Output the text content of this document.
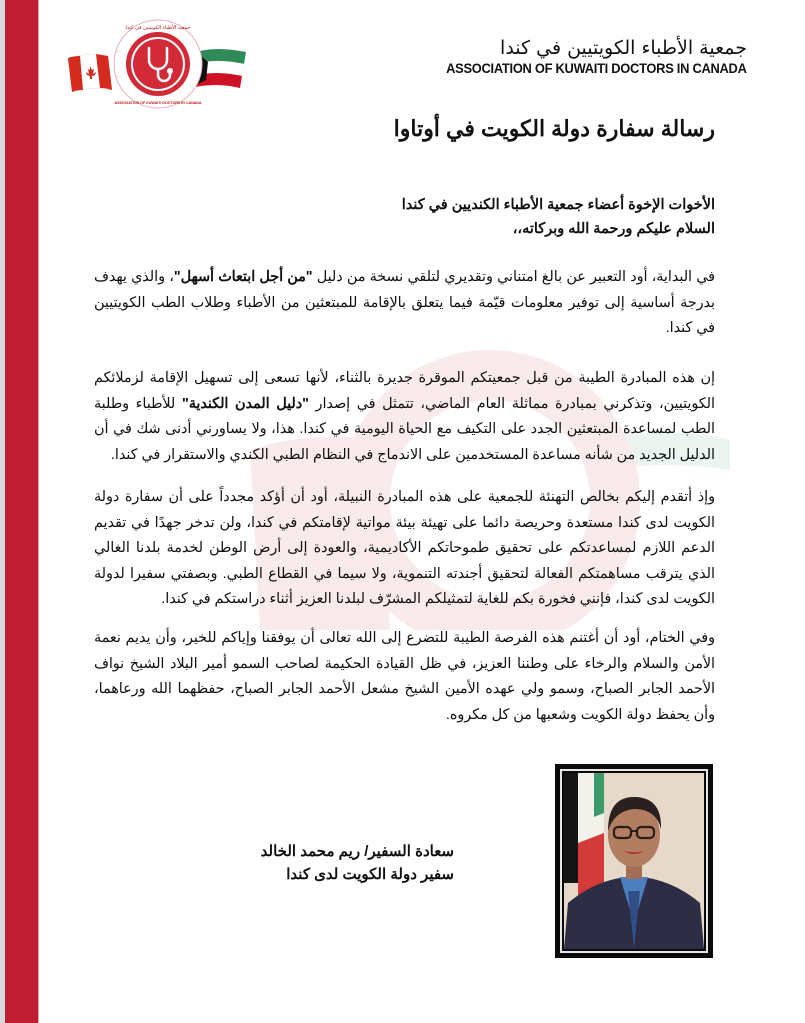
جمعية الأطباء الكويتيين في كندا
ASSOCIATION OF KUWAITI DOCTORS IN CANADA
جمعية الأطباء الكويتيين في كندا
ASSOCIATION OF KUWAITI DOCTORS IN CANADA
رسالة سفارة دولة الكويت في أوتاوا
الأخوات الإخوة أعضاء جمعية الأطباء الكنديين في كندا
السلام عليكم ورحمة الله وبركاته،،

في البداية، أود التعبير عن بالغ امتناني وتقديري لتلقي نسخة من دليل "من أجل ابتعاث أسهل"، والذي يهدف بدرجة أساسية إلى توفير معلومات قيّمة فيما يتعلق بالإقامة للمبتعثين من الأطباء وطلاب الطب الكويتيين في كندا.

إن هذه المبادرة الطيبة من قبل جمعيتكم الموقرة جديرة بالثناء، لأنها تسعى إلى تسهيل الإقامة لزملائكم الكويتيين، وتذكرني بمبادرة مماثلة العام الماضي، تتمثل في إصدار "دليل المدن الكندية" للأطباء وطلبة الطب لمساعدة المبتعثين الجدد على التكيف مع الحياة اليومية في كندا. هذا، ولا يساورني أدنى شك في أن الدليل الجديد من شأنه مساعدة المستخدمين على الاندماج في النظام الطبي الكندي والاستقرار في كندا.

وإذ أتقدم إليكم بخالص التهنئة للجمعية على هذه المبادرة النبيلة، أود أن أؤكد مجدداً على أن سفارة دولة الكويت لدى كندا مستعدة وحريصة دائما على تهيئة بيئة مواتية لإقامتكم في كندا، ولن تدخر جهدًا في تقديم الدعم اللازم لمساعدتكم على تحقيق طموحاتكم الأكاديمية، والعودة إلى أرض الوطن لخدمة بلدنا الغالي الذي يترقب مساهمتكم الفعالة لتحقيق أجندته التنموية، ولا سيما في القطاع الطبي. وبصفتي سفيرا لدولة الكويت لدى كندا، فإنني فخورة بكم للغاية لتمثيلكم المشرّف لبلدنا العزيز أثناء دراستكم في كندا.

وفي الختام، أود أن أغتنم هذه الفرصة الطيبة للتضرع إلى الله تعالى أن يوفقنا وإياكم للخير، وأن يديم نعمة الأمن والسلام والرخاء على وطننا العزيز، في ظل القيادة الحكيمة لصاحب السمو أمير البلاد الشيخ نواف الأحمد الجابر الصباح، وسمو ولي عهده الأمين الشيخ مشعل الأحمد الجابر الصباح، حفظهما الله ورعاهما، وأن يحفظ دولة الكويت وشعبها من كل مكروه.

سعادة السفير/ ريم محمد الخالد
سفير دولة الكويت لدى كندا
